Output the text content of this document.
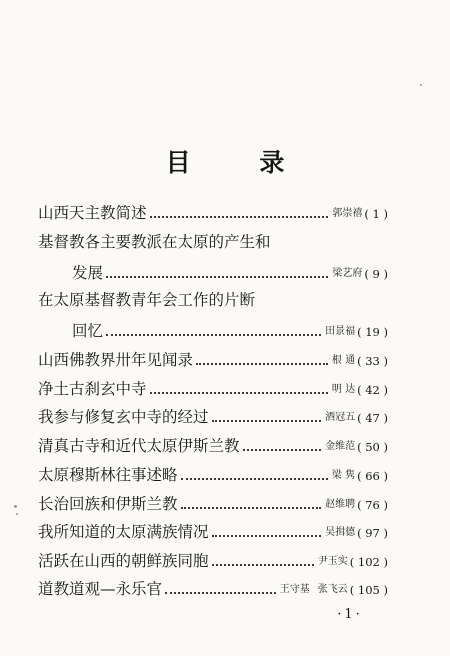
目 录
山西天主教简述	郭崇禧 ( 1 )
基督教各主要教派在太原的产生和
发展	梁艺府 ( 9 )
在太原基督教青年会工作的片断
回忆	田景福 ( 19 )
山西佛教界卅年见闻录	根 通 ( 33 )
净土古刹玄中寺	明 达 ( 42 )
我参与修复玄中寺的经过	酒冠五 ( 47 )
清真古寺和近代太原伊斯兰教	金维范 ( 50 )
太原穆斯林往事述略	梁 隽 ( 66 )
长治回族和伊斯兰教	赵维聘 ( 76 )
我所知道的太原满族情况	吴揖德 ( 97 )
活跃在山西的朝鲜族同胞	尹玉实 ( 102 )
道教道观—永乐官	王守基 张飞云 ( 105 )
·1·
